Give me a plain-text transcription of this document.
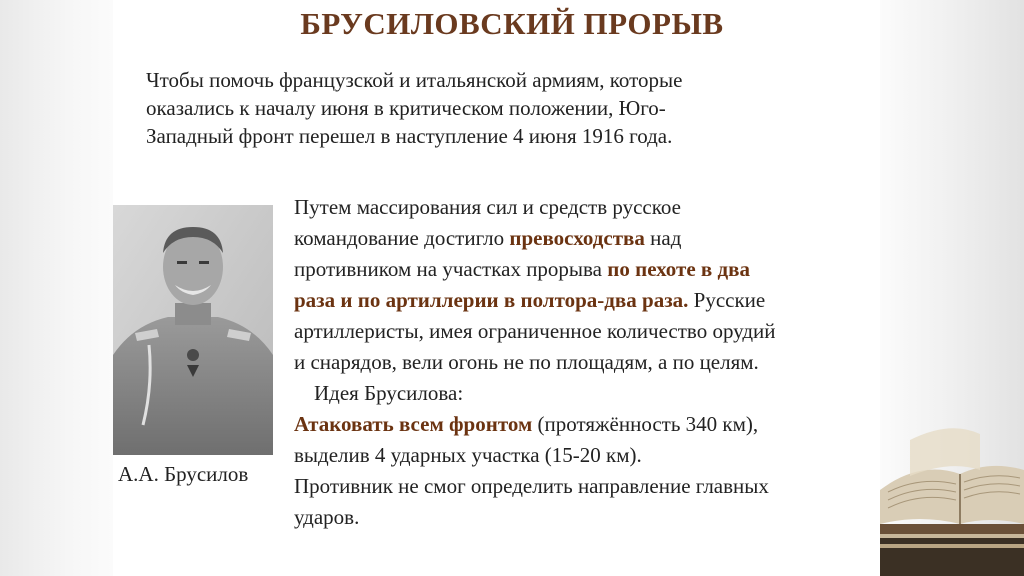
БРУСИЛОВСКИЙ ПРОРЫВ

Чтобы помочь французской и итальянской армиям, которые
оказались к началу июня в критическом положении, Юго-
Западный фронт перешел в наступление 4 июня 1916 года.

А.А. Брусилов

Путем массирования сил и средств русское
командование достигло превосходства над
противником на участках прорыва по пехоте в два
раза и по артиллерии в полтора-два раза. Русские
артиллеристы, имея ограниченное количество орудий
и снарядов, вели огонь не по площадям, а по целям.
Идея Брусилова:
Атаковать всем фронтом (протяжённость 340 км),
выделив 4 ударных участка (15-20 км).
Противник не смог определить направление главных
ударов.
